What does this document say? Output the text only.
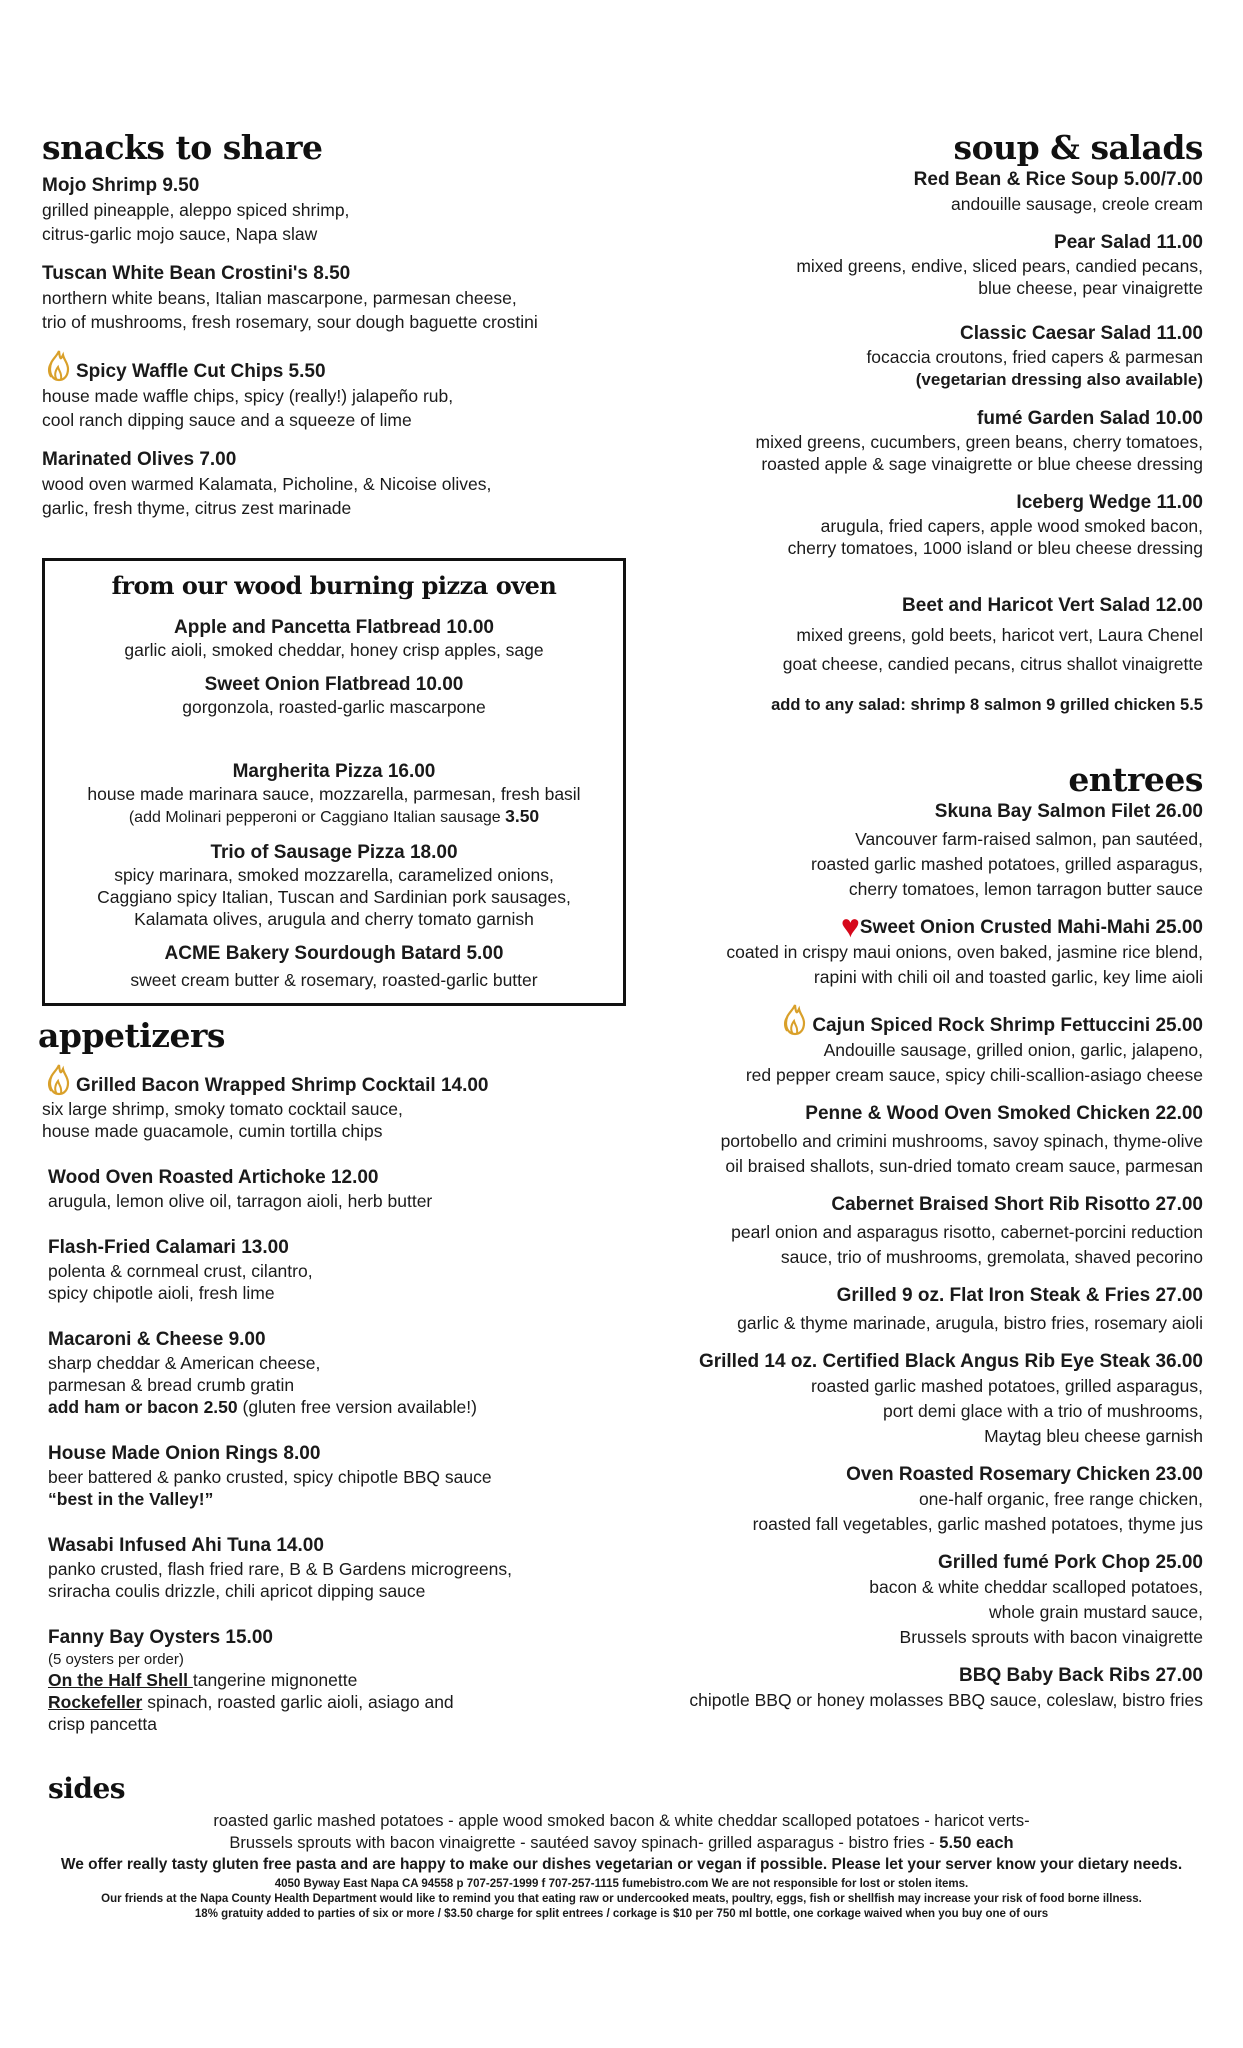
snacks to share
Mojo Shrimp 9.50
grilled pineapple, aleppo spiced shrimp,
citrus-garlic mojo sauce, Napa slaw
Tuscan White Bean Crostini's 8.50
northern white beans, Italian mascarpone, parmesan cheese,
trio of mushrooms, fresh rosemary, sour dough baguette crostini
Spicy Waffle Cut Chips 5.50
house made waffle chips, spicy (really!) jalapeño rub,
cool ranch dipping sauce and a squeeze of lime
Marinated Olives 7.00
wood oven warmed Kalamata, Picholine, & Nicoise olives,
garlic, fresh thyme, citrus zest marinade
from our wood burning pizza oven
Apple and Pancetta Flatbread 10.00
garlic aioli, smoked cheddar, honey crisp apples, sage
Sweet Onion Flatbread 10.00
gorgonzola, roasted-garlic mascarpone
Margherita Pizza 16.00
house made marinara sauce, mozzarella, parmesan, fresh basil
(add Molinari pepperoni or Caggiano Italian sausage 3.50
Trio of Sausage Pizza 18.00
spicy marinara, smoked mozzarella, caramelized onions,
Caggiano spicy Italian, Tuscan and Sardinian pork sausages,
Kalamata olives, arugula and cherry tomato garnish
ACME Bakery Sourdough Batard 5.00
sweet cream butter & rosemary, roasted-garlic butter
appetizers
Grilled Bacon Wrapped Shrimp Cocktail 14.00
six large shrimp, smoky tomato cocktail sauce,
house made guacamole, cumin tortilla chips
Wood Oven Roasted Artichoke 12.00
arugula, lemon olive oil, tarragon aioli, herb butter
Flash-Fried Calamari 13.00
polenta & cornmeal crust, cilantro,
spicy chipotle aioli, fresh lime
Macaroni & Cheese 9.00
sharp cheddar & American cheese,
parmesan & bread crumb gratin
add ham or bacon 2.50 (gluten free version available!)
House Made Onion Rings 8.00
beer battered & panko crusted, spicy chipotle BBQ sauce
“best in the Valley!”
Wasabi Infused Ahi Tuna 14.00
panko crusted, flash fried rare, B & B Gardens microgreens,
sriracha coulis drizzle, chili apricot dipping sauce
Fanny Bay Oysters 15.00
(5 oysters per order)
On the Half Shell tangerine mignonette
Rockefeller spinach, roasted garlic aioli, asiago and
crisp pancetta
soup & salads
Red Bean & Rice Soup 5.00/7.00
andouille sausage, creole cream
Pear Salad 11.00
mixed greens, endive, sliced pears, candied pecans,
blue cheese, pear vinaigrette
Classic Caesar Salad 11.00
focaccia croutons, fried capers & parmesan
(vegetarian dressing also available)
fumé Garden Salad 10.00
mixed greens, cucumbers, green beans, cherry tomatoes,
roasted apple & sage vinaigrette or blue cheese dressing
Iceberg Wedge 11.00
arugula, fried capers, apple wood smoked bacon,
cherry tomatoes, 1000 island or bleu cheese dressing
Beet and Haricot Vert Salad 12.00
mixed greens, gold beets, haricot vert, Laura Chenel
goat cheese, candied pecans, citrus shallot vinaigrette
add to any salad: shrimp 8 salmon 9 grilled chicken 5.5
entrees
Skuna Bay Salmon Filet 26.00
Vancouver farm-raised salmon, pan sautéed,
roasted garlic mashed potatoes, grilled asparagus,
cherry tomatoes, lemon tarragon butter sauce
♥Sweet Onion Crusted Mahi-Mahi 25.00
coated in crispy maui onions, oven baked, jasmine rice blend,
rapini with chili oil and toasted garlic, key lime aioli
Cajun Spiced Rock Shrimp Fettuccini 25.00
Andouille sausage, grilled onion, garlic, jalapeno,
red pepper cream sauce, spicy chili-scallion-asiago cheese
Penne & Wood Oven Smoked Chicken 22.00
portobello and crimini mushrooms, savoy spinach, thyme-olive
oil braised shallots, sun-dried tomato cream sauce, parmesan
Cabernet Braised Short Rib Risotto 27.00
pearl onion and asparagus risotto, cabernet-porcini reduction
sauce, trio of mushrooms, gremolata, shaved pecorino
Grilled 9 oz. Flat Iron Steak & Fries 27.00
garlic & thyme marinade, arugula, bistro fries, rosemary aioli
Grilled 14 oz. Certified Black Angus Rib Eye Steak 36.00
roasted garlic mashed potatoes, grilled asparagus,
port demi glace with a trio of mushrooms,
Maytag bleu cheese garnish
Oven Roasted Rosemary Chicken 23.00
one-half organic, free range chicken,
roasted fall vegetables, garlic mashed potatoes, thyme jus
Grilled fumé Pork Chop 25.00
bacon & white cheddar scalloped potatoes,
whole grain mustard sauce,
Brussels sprouts with bacon vinaigrette
BBQ Baby Back Ribs 27.00
chipotle BBQ or honey molasses BBQ sauce, coleslaw, bistro fries
sides
roasted garlic mashed potatoes - apple wood smoked bacon & white cheddar scalloped potatoes - haricot verts-
Brussels sprouts with bacon vinaigrette - sautéed savoy spinach- grilled asparagus - bistro fries - 5.50 each
We offer really tasty gluten free pasta and are happy to make our dishes vegetarian or vegan if possible. Please let your server know your dietary needs.
4050 Byway East Napa CA 94558 p 707-257-1999 f 707-257-1115 fumebistro.com We are not responsible for lost or stolen items.
Our friends at the Napa County Health Department would like to remind you that eating raw or undercooked meats, poultry, eggs, fish or shellfish may increase your risk of food borne illness.
18% gratuity added to parties of six or more / $3.50 charge for split entrees / corkage is $10 per 750 ml bottle, one corkage waived when you buy one of ours
